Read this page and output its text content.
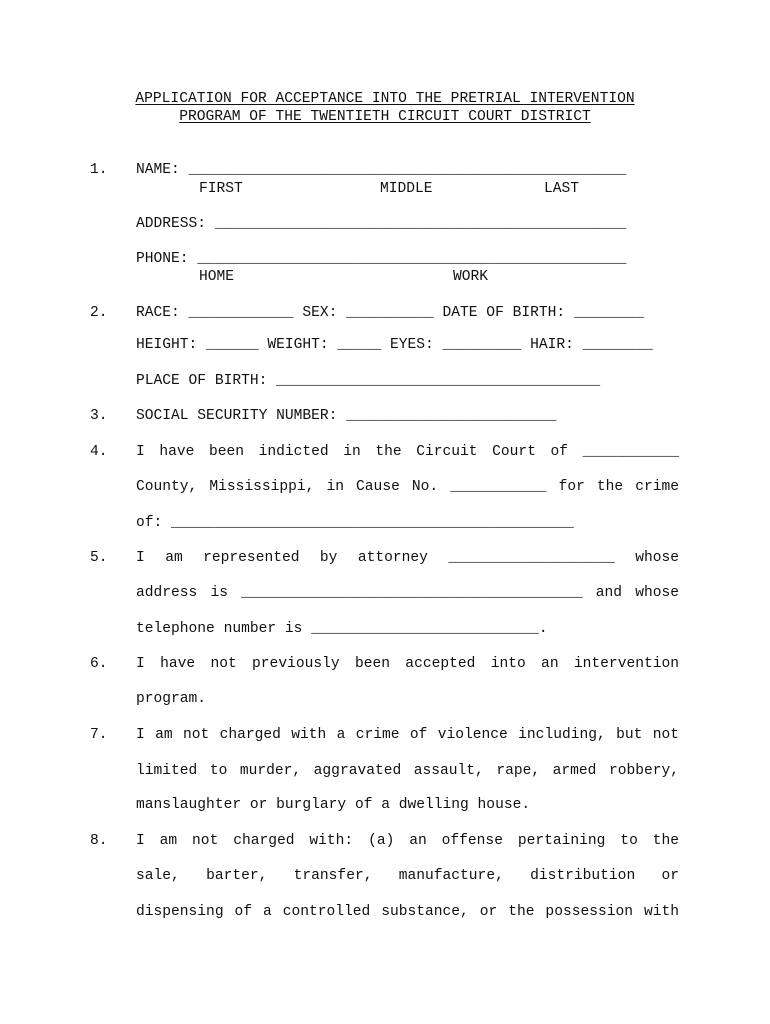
APPLICATION FOR ACCEPTANCE INTO THE PRETRIAL INTERVENTION
PROGRAM OF THE TWENTIETH CIRCUIT COURT DISTRICT
1. NAME: __________________________________________________
FIRST	MIDDLE	LAST
ADDRESS: _______________________________________________
PHONE: _________________________________________________
HOME	WORK
2. RACE: ____________ SEX: __________ DATE OF BIRTH: ________
HEIGHT: ______ WEIGHT: _____ EYES: _________ HAIR: ________
PLACE OF BIRTH: _____________________________________
3. SOCIAL SECURITY NUMBER: ________________________
4. I have been indicted in the Circuit Court of ___________
County, Mississippi, in Cause No. ___________ for the crime
of: ______________________________________________
5. I am represented by attorney ___________________ whose
address is _______________________________________ and whose
telephone number is __________________________.
6. I have not previously been accepted into an intervention
program.
7. I am not charged with a crime of violence including, but not
limited to murder, aggravated assault, rape, armed robbery,
manslaughter or burglary of a dwelling house.
8. I am not charged with: (a) an offense pertaining to the
sale, barter, transfer, manufacture, distribution or
dispensing of a controlled substance, or the possession with
